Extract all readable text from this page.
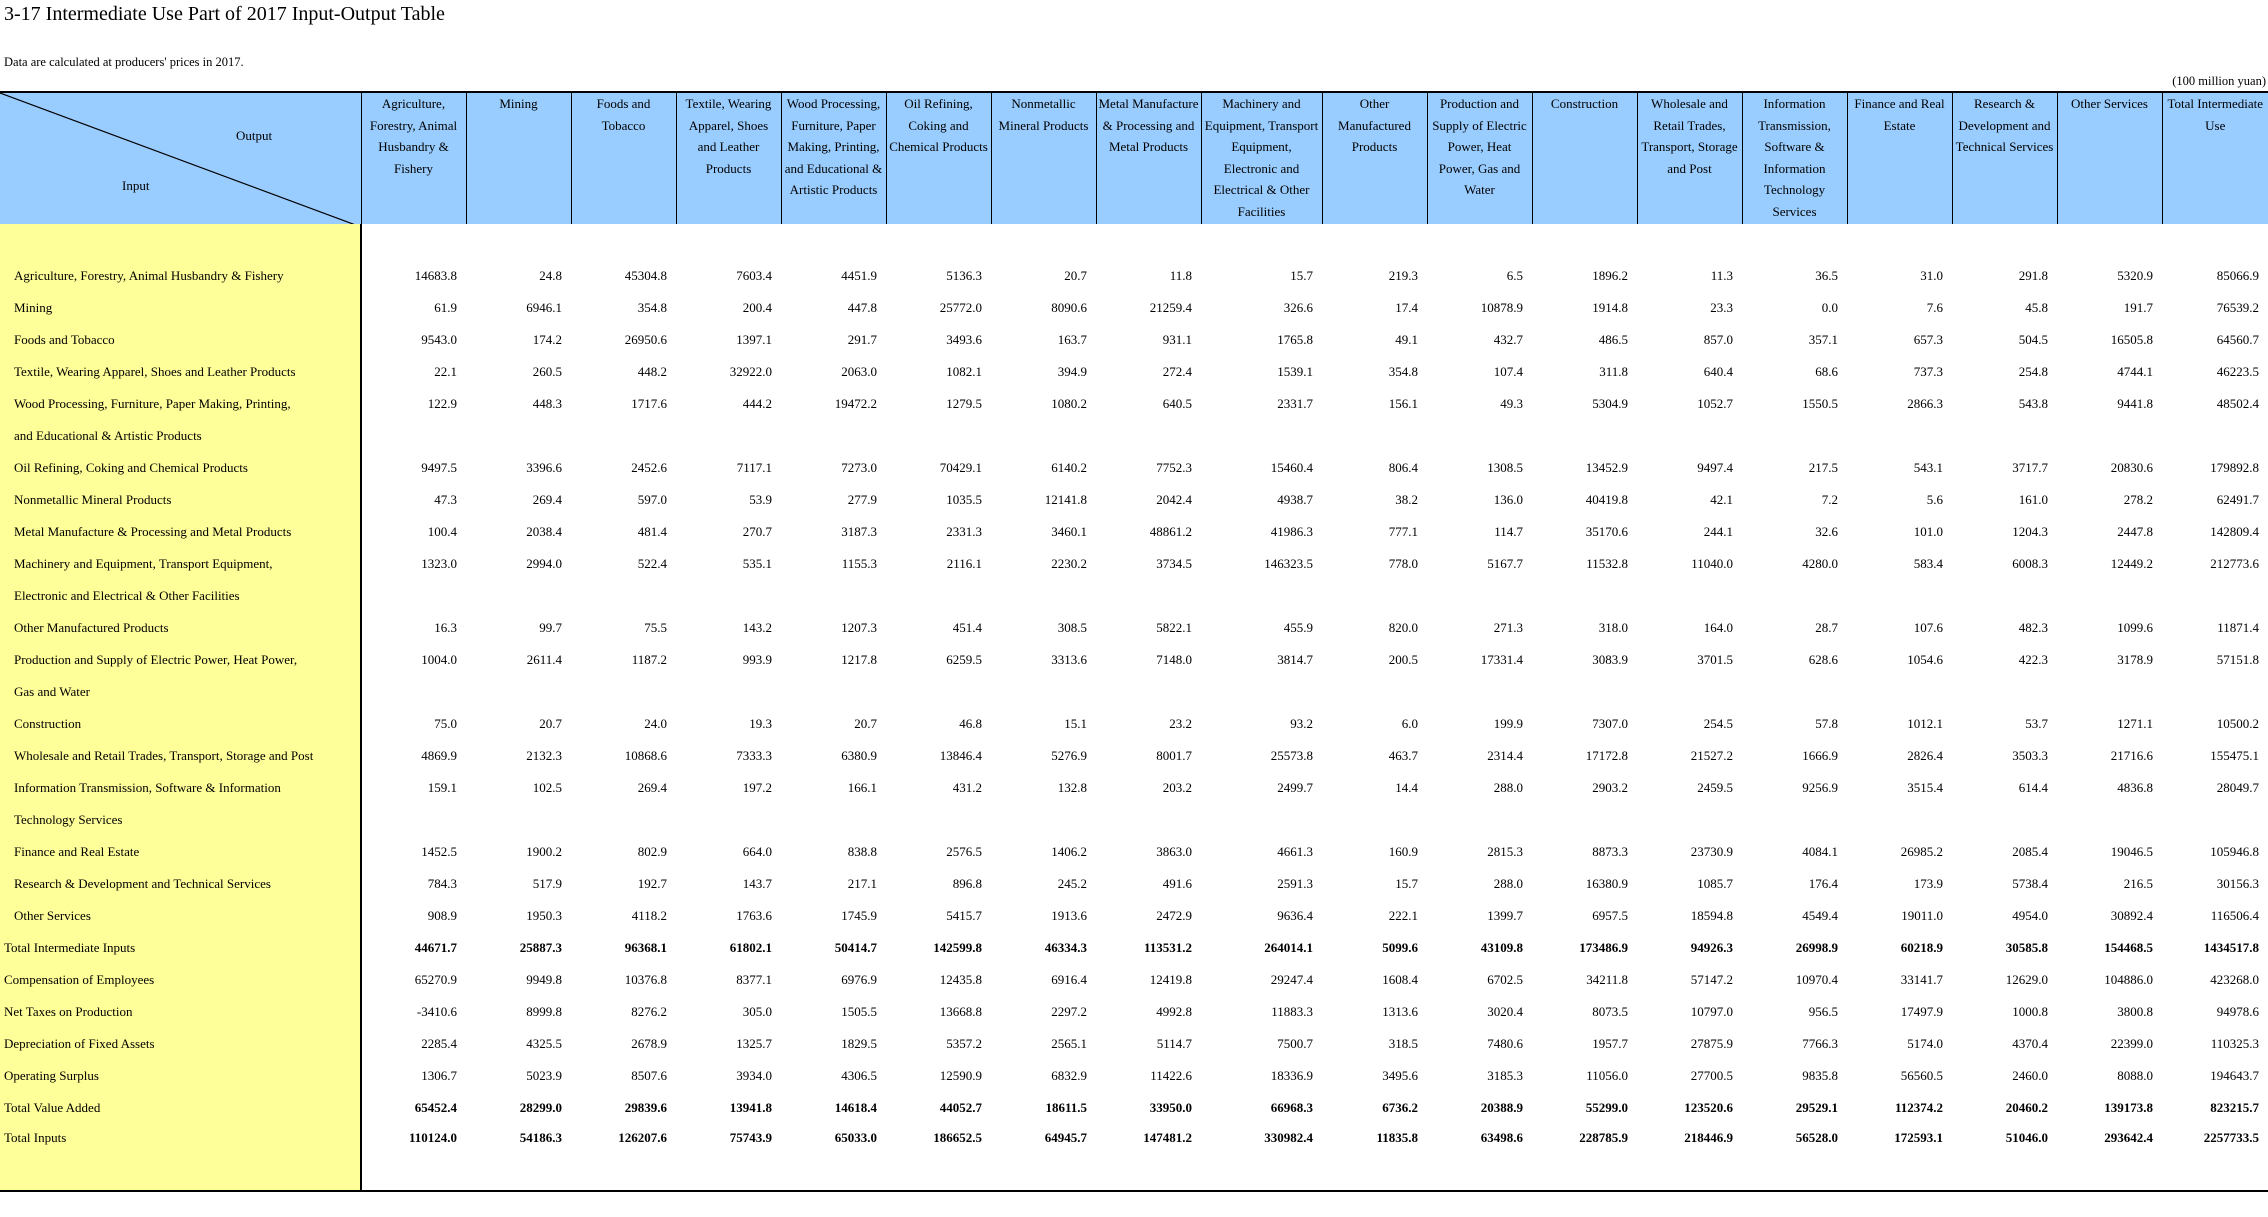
3-17 Intermediate Use Part of 2017 Input-Output Table
Data are calculated at producers' prices in 2017.
(100 million yuan)
Output
Input	Agriculture, Forestry, Animal Husbandry & Fishery	Mining	Foods and Tobacco	Textile, Wearing Apparel, Shoes and Leather Products	Wood Processing, Furniture, Paper Making, Printing, and Educational & Artistic Products	Oil Refining, Coking and Chemical Products	Nonmetallic Mineral Products	Metal Manufacture & Processing and Metal Products	Machinery and Equipment, Transport Equipment, Electronic and Electrical & Other Facilities	Other Manufactured Products	Production and Supply of Electric Power, Heat Power, Gas and Water	Construction	Wholesale and Retail Trades, Transport, Storage and Post	Information Transmission, Software & Information Technology Services	Finance and Real Estate	Research & Development and Technical Services	Other Services	Total Intermediate Use

Agriculture, Forestry, Animal Husbandry & Fishery	14683.8	24.8	45304.8	7603.4	4451.9	5136.3	20.7	11.8	15.7	219.3	6.5	1896.2	11.3	36.5	31.0	291.8	5320.9	85066.9
Mining	61.9	6946.1	354.8	200.4	447.8	25772.0	8090.6	21259.4	326.6	17.4	10878.9	1914.8	23.3	0.0	7.6	45.8	191.7	76539.2
Foods and Tobacco	9543.0	174.2	26950.6	1397.1	291.7	3493.6	163.7	931.1	1765.8	49.1	432.7	486.5	857.0	357.1	657.3	504.5	16505.8	64560.7
Textile, Wearing Apparel, Shoes and Leather Products	22.1	260.5	448.2	32922.0	2063.0	1082.1	394.9	272.4	1539.1	354.8	107.4	311.8	640.4	68.6	737.3	254.8	4744.1	46223.5
Wood Processing, Furniture, Paper Making, Printing,	122.9	448.3	1717.6	444.2	19472.2	1279.5	1080.2	640.5	2331.7	156.1	49.3	5304.9	1052.7	1550.5	2866.3	543.8	9441.8	48502.4
and Educational & Artistic Products																		
Oil Refining, Coking and Chemical Products	9497.5	3396.6	2452.6	7117.1	7273.0	70429.1	6140.2	7752.3	15460.4	806.4	1308.5	13452.9	9497.4	217.5	543.1	3717.7	20830.6	179892.8
Nonmetallic Mineral Products	47.3	269.4	597.0	53.9	277.9	1035.5	12141.8	2042.4	4938.7	38.2	136.0	40419.8	42.1	7.2	5.6	161.0	278.2	62491.7
Metal Manufacture & Processing and Metal Products	100.4	2038.4	481.4	270.7	3187.3	2331.3	3460.1	48861.2	41986.3	777.1	114.7	35170.6	244.1	32.6	101.0	1204.3	2447.8	142809.4
Machinery and Equipment, Transport Equipment,	1323.0	2994.0	522.4	535.1	1155.3	2116.1	2230.2	3734.5	146323.5	778.0	5167.7	11532.8	11040.0	4280.0	583.4	6008.3	12449.2	212773.6
Electronic and Electrical & Other Facilities																		
Other Manufactured Products	16.3	99.7	75.5	143.2	1207.3	451.4	308.5	5822.1	455.9	820.0	271.3	318.0	164.0	28.7	107.6	482.3	1099.6	11871.4
Production and Supply of Electric Power, Heat Power,	1004.0	2611.4	1187.2	993.9	1217.8	6259.5	3313.6	7148.0	3814.7	200.5	17331.4	3083.9	3701.5	628.6	1054.6	422.3	3178.9	57151.8
Gas and Water																		
Construction	75.0	20.7	24.0	19.3	20.7	46.8	15.1	23.2	93.2	6.0	199.9	7307.0	254.5	57.8	1012.1	53.7	1271.1	10500.2
Wholesale and Retail Trades, Transport, Storage and Post	4869.9	2132.3	10868.6	7333.3	6380.9	13846.4	5276.9	8001.7	25573.8	463.7	2314.4	17172.8	21527.2	1666.9	2826.4	3503.3	21716.6	155475.1
Information Transmission, Software & Information	159.1	102.5	269.4	197.2	166.1	431.2	132.8	203.2	2499.7	14.4	288.0	2903.2	2459.5	9256.9	3515.4	614.4	4836.8	28049.7
Technology Services																		
Finance and Real Estate	1452.5	1900.2	802.9	664.0	838.8	2576.5	1406.2	3863.0	4661.3	160.9	2815.3	8873.3	23730.9	4084.1	26985.2	2085.4	19046.5	105946.8
Research & Development and Technical Services	784.3	517.9	192.7	143.7	217.1	896.8	245.2	491.6	2591.3	15.7	288.0	16380.9	1085.7	176.4	173.9	5738.4	216.5	30156.3
Other Services	908.9	1950.3	4118.2	1763.6	1745.9	5415.7	1913.6	2472.9	9636.4	222.1	1399.7	6957.5	18594.8	4549.4	19011.0	4954.0	30892.4	116506.4
Total Intermediate Inputs	44671.7	25887.3	96368.1	61802.1	50414.7	142599.8	46334.3	113531.2	264014.1	5099.6	43109.8	173486.9	94926.3	26998.9	60218.9	30585.8	154468.5	1434517.8
Compensation of Employees	65270.9	9949.8	10376.8	8377.1	6976.9	12435.8	6916.4	12419.8	29247.4	1608.4	6702.5	34211.8	57147.2	10970.4	33141.7	12629.0	104886.0	423268.0
Net Taxes on Production	-3410.6	8999.8	8276.2	305.0	1505.5	13668.8	2297.2	4992.8	11883.3	1313.6	3020.4	8073.5	10797.0	956.5	17497.9	1000.8	3800.8	94978.6
Depreciation of Fixed Assets	2285.4	4325.5	2678.9	1325.7	1829.5	5357.2	2565.1	5114.7	7500.7	318.5	7480.6	1957.7	27875.9	7766.3	5174.0	4370.4	22399.0	110325.3
Operating Surplus	1306.7	5023.9	8507.6	3934.0	4306.5	12590.9	6832.9	11422.6	18336.9	3495.6	3185.3	11056.0	27700.5	9835.8	56560.5	2460.0	8088.0	194643.7
Total Value Added	65452.4	28299.0	29839.6	13941.8	14618.4	44052.7	18611.5	33950.0	66968.3	6736.2	20388.9	55299.0	123520.6	29529.1	112374.2	20460.2	139173.8	823215.7
Total Inputs	110124.0	54186.3	126207.6	75743.9	65033.0	186652.5	64945.7	147481.2	330982.4	11835.8	63498.6	228785.9	218446.9	56528.0	172593.1	51046.0	293642.4	2257733.5
